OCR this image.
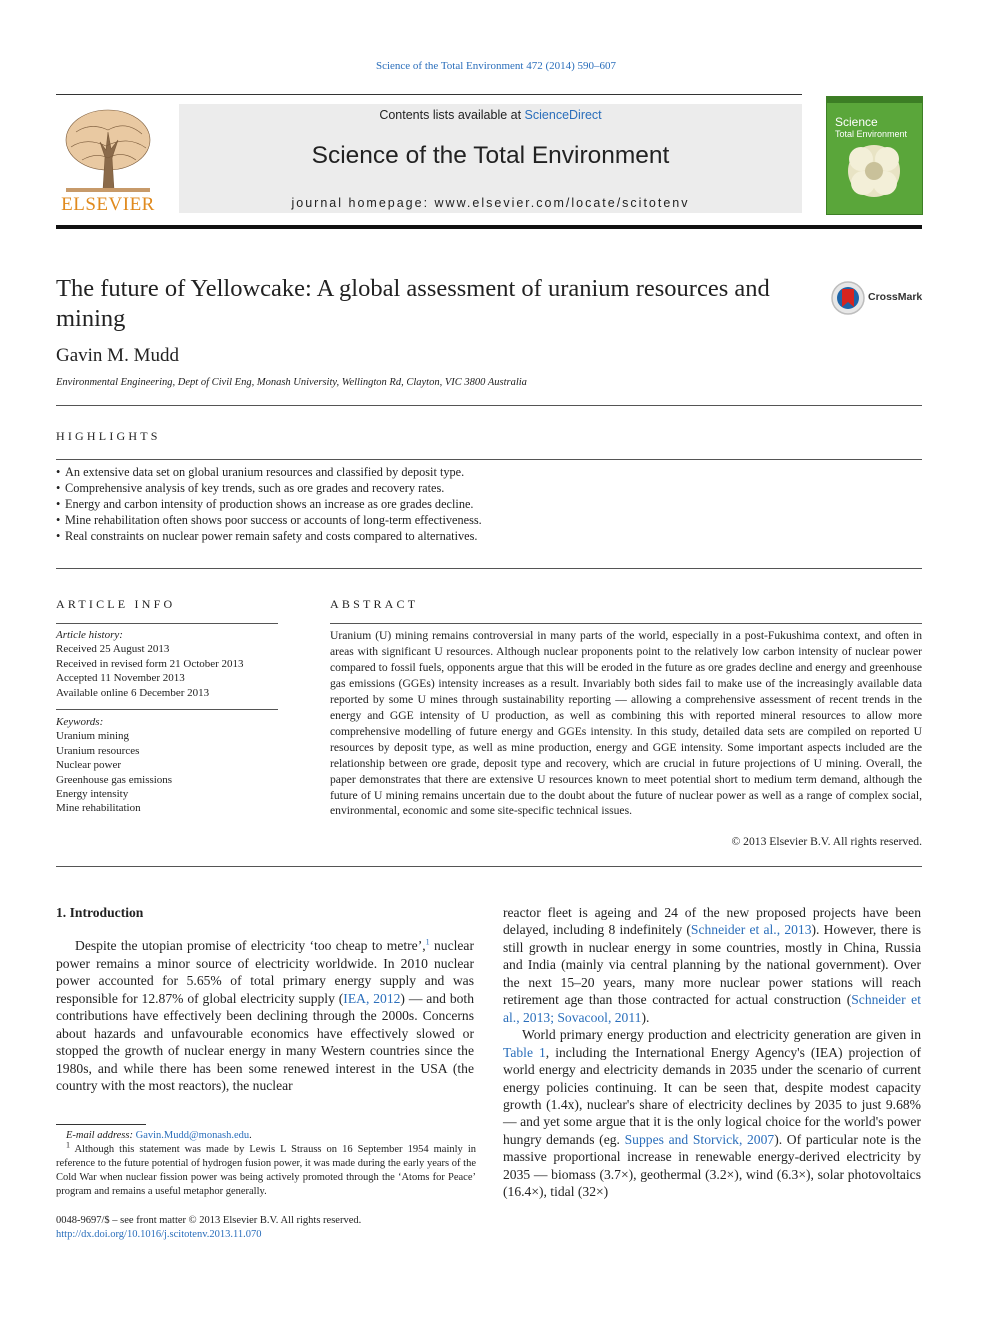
Science of the Total Environment 472 (2014) 590–607
ELSEVIER
Contents lists available at ScienceDirect
Science of the Total Environment
journal homepage: www.elsevier.com/locate/scitotenv
Science
Total Environment
The future of Yellowcake: A global assessment of uranium resources and mining
CrossMark
Gavin M. Mudd
Environmental Engineering, Dept of Civil Eng, Monash University, Wellington Rd, Clayton, VIC 3800 Australia
HIGHLIGHTS
• An extensive data set on global uranium resources and classified by deposit type.
• Comprehensive analysis of key trends, such as ore grades and recovery rates.
• Energy and carbon intensity of production shows an increase as ore grades decline.
• Mine rehabilitation often shows poor success or accounts of long-term effectiveness.
• Real constraints on nuclear power remain safety and costs compared to alternatives.
ARTICLE INFO
Article history:
Received 25 August 2013
Received in revised form 21 October 2013
Accepted 11 November 2013
Available online 6 December 2013
Keywords:
Uranium mining
Uranium resources
Nuclear power
Greenhouse gas emissions
Energy intensity
Mine rehabilitation
ABSTRACT

Uranium (U) mining remains controversial in many parts of the world, especially in a post-Fukushima context, and often in areas with significant U resources. Although nuclear proponents point to the relatively low carbon intensity of nuclear power compared to fossil fuels, opponents argue that this will be eroded in the future as ore grades decline and energy and greenhouse gas emissions (GGEs) intensity increases as a result. Invariably both sides fail to make use of the increasingly available data reported by some U mines through sustainability reporting — allowing a comprehensive assessment of recent trends in the energy and GGE intensity of U production, as well as combining this with reported mineral resources to allow more comprehensive modelling of future energy and GGEs intensity. In this study, detailed data sets are compiled on reported U resources by deposit type, as well as mine production, energy and GGE intensity. Some important aspects included are the relationship between ore grade, deposit type and recovery, which are crucial in future projections of U mining. Overall, the paper demonstrates that there are extensive U resources known to meet potential short to medium term demand, although the future of U mining remains uncertain due to the doubt about the future of nuclear power as well as a range of complex social, environmental, economic and some site-specific technical issues.

© 2013 Elsevier B.V. All rights reserved.

1. Introduction

Despite the utopian promise of electricity ‘too cheap to metre’,$^1$ nuclear power remains a minor source of electricity worldwide. In 2010 nuclear power accounted for 5.65% of total primary energy supply and was responsible for 12.87% of global electricity supply (IEA, 2012) — and both contributions have effectively been declining through the 2000s. Concerns about hazards and unfavourable economics have effectively slowed or stopped the growth of nuclear energy in many Western countries since the 1980s, and while there has been some renewed interest in the USA (the country with the most reactors), the nuclear

reactor fleet is ageing and 24 of the new proposed projects have been delayed, including 8 indefinitely (Schneider et al., 2013). However, there is still growth in nuclear energy in some countries, mostly in China, Russia and India (mainly via central planning by the national government). Over the next 15–20 years, many more nuclear power stations will reach retirement age than those contracted for actual construction (Schneider et al., 2013; Sovacool, 2011).

World primary energy production and electricity generation are given in Table 1, including the International Energy Agency's (IEA) projection of world energy and electricity demands in 2035 under the scenario of current energy policies continuing. It can be seen that, despite modest capacity growth (1.4x), nuclear's share of electricity declines by 2035 to just 9.68% — and yet some argue that it is the only logical choice for the world's power hungry demands (eg. Suppes and Storvick, 2007). Of particular note is the massive proportional increase in renewable energy-derived electricity by 2035 — biomass (3.7×), geothermal (3.2×), wind (6.3×), solar photovoltaics (16.4×), tidal (32×)

E-mail address: Gavin.Mudd@monash.edu.

$^1$ Although this statement was made by Lewis L Strauss on 16 September 1954 mainly in reference to the future potential of hydrogen fusion power, it was made during the early years of the Cold War when nuclear fission power was being actively promoted through the ‘Atoms for Peace’ program and remains a useful metaphor generally.

0048-9697/$ – see front matter © 2013 Elsevier B.V. All rights reserved.
http://dx.doi.org/10.1016/j.scitotenv.2013.11.070
